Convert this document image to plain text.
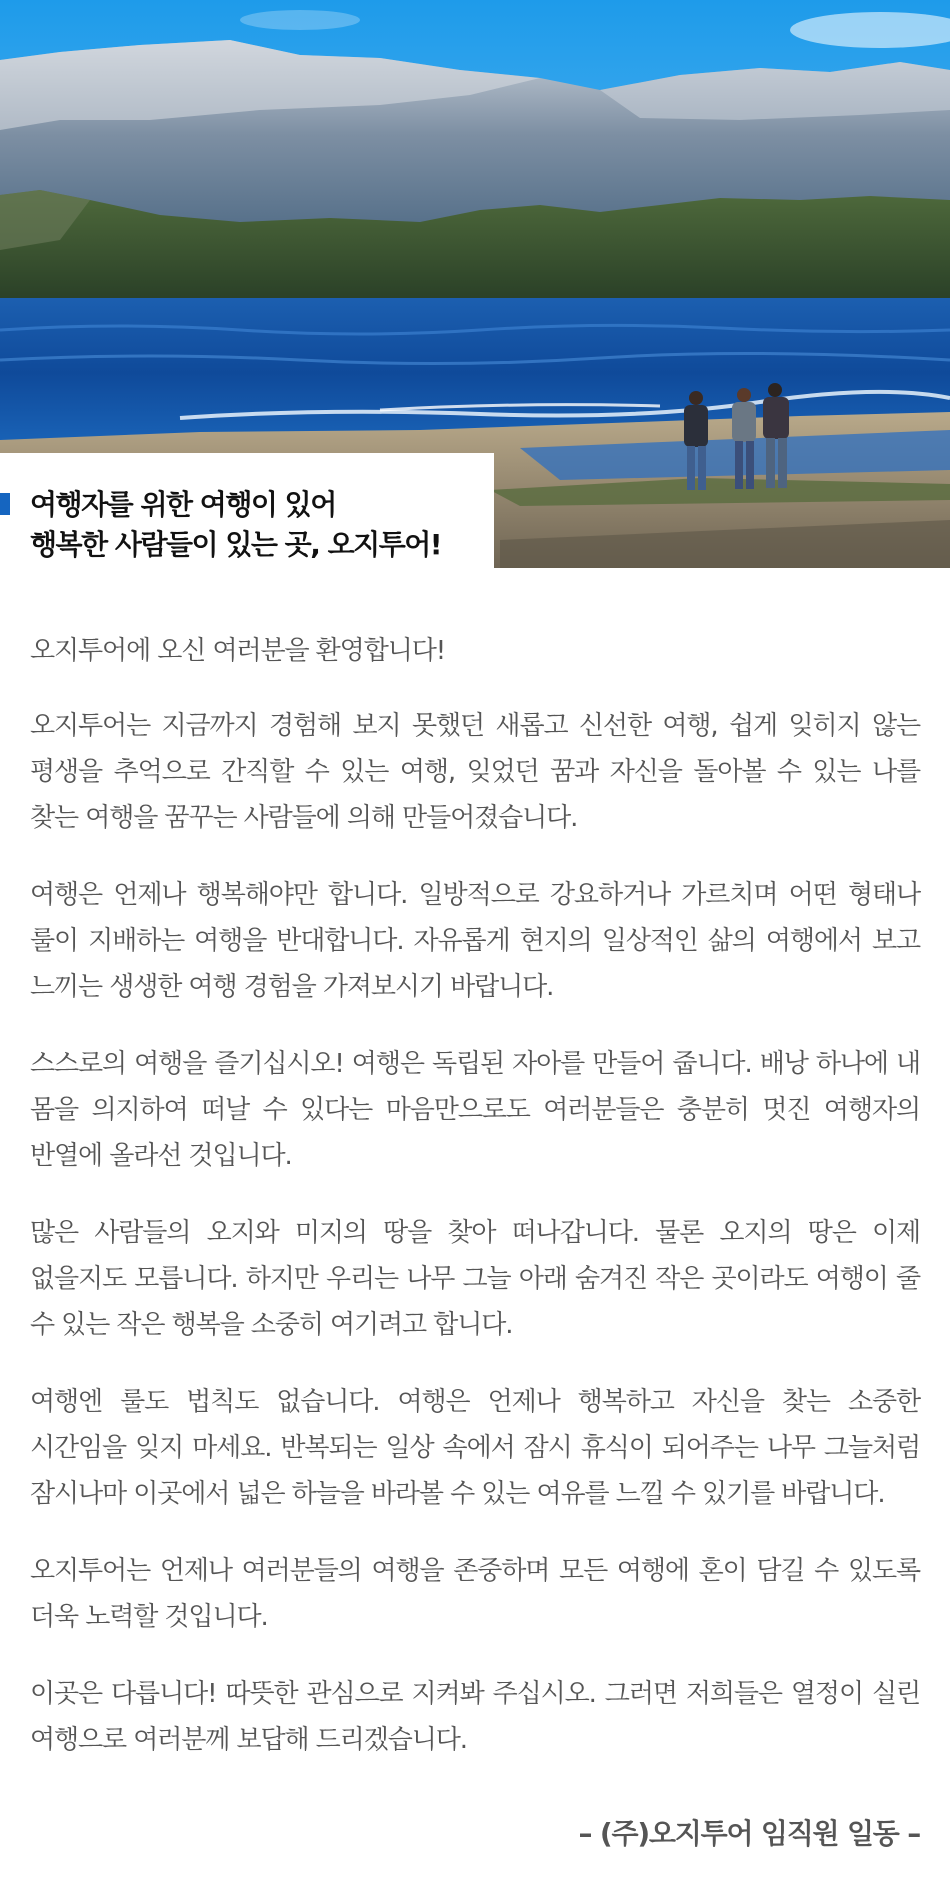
여행자를 위한 여행이 있어
행복한 사람들이 있는 곳, 오지투어!

오지투어에 오신 여러분을 환영합니다!

오지투어는 지금까지 경험해 보지 못했던 새롭고 신선한 여행, 쉽게 잊히지 않는 평생을 추억으로 간직할 수 있는 여행, 잊었던 꿈과 자신을 돌아볼 수 있는 나를 찾는 여행을 꿈꾸는 사람들에 의해 만들어졌습니다.

여행은 언제나 행복해야만 합니다. 일방적으로 강요하거나 가르치며 어떤 형태나 룰이 지배하는 여행을 반대합니다. 자유롭게 현지의 일상적인 삶의 여행에서 보고 느끼는 생생한 여행 경험을 가져보시기 바랍니다.

스스로의 여행을 즐기십시오! 여행은 독립된 자아를 만들어 줍니다. 배낭 하나에 내 몸을 의지하여 떠날 수 있다는 마음만으로도 여러분들은 충분히 멋진 여행자의 반열에 올라선 것입니다.

많은 사람들의 오지와 미지의 땅을 찾아 떠나갑니다. 물론 오지의 땅은 이제 없을지도 모릅니다. 하지만 우리는 나무 그늘 아래 숨겨진 작은 곳이라도 여행이 줄 수 있는 작은 행복을 소중히 여기려고 합니다.

여행엔 룰도 법칙도 없습니다. 여행은 언제나 행복하고 자신을 찾는 소중한 시간임을 잊지 마세요. 반복되는 일상 속에서 잠시 휴식이 되어주는 나무 그늘처럼 잠시나마 이곳에서 넓은 하늘을 바라볼 수 있는 여유를 느낄 수 있기를 바랍니다.

오지투어는 언제나 여러분들의 여행을 존중하며 모든 여행에 혼이 담길 수 있도록 더욱 노력할 것입니다.

이곳은 다릅니다! 따뜻한 관심으로 지켜봐 주십시오. 그러면 저희들은 열정이 실린 여행으로 여러분께 보답해 드리겠습니다.

– (주)오지투어 임직원 일동 –
